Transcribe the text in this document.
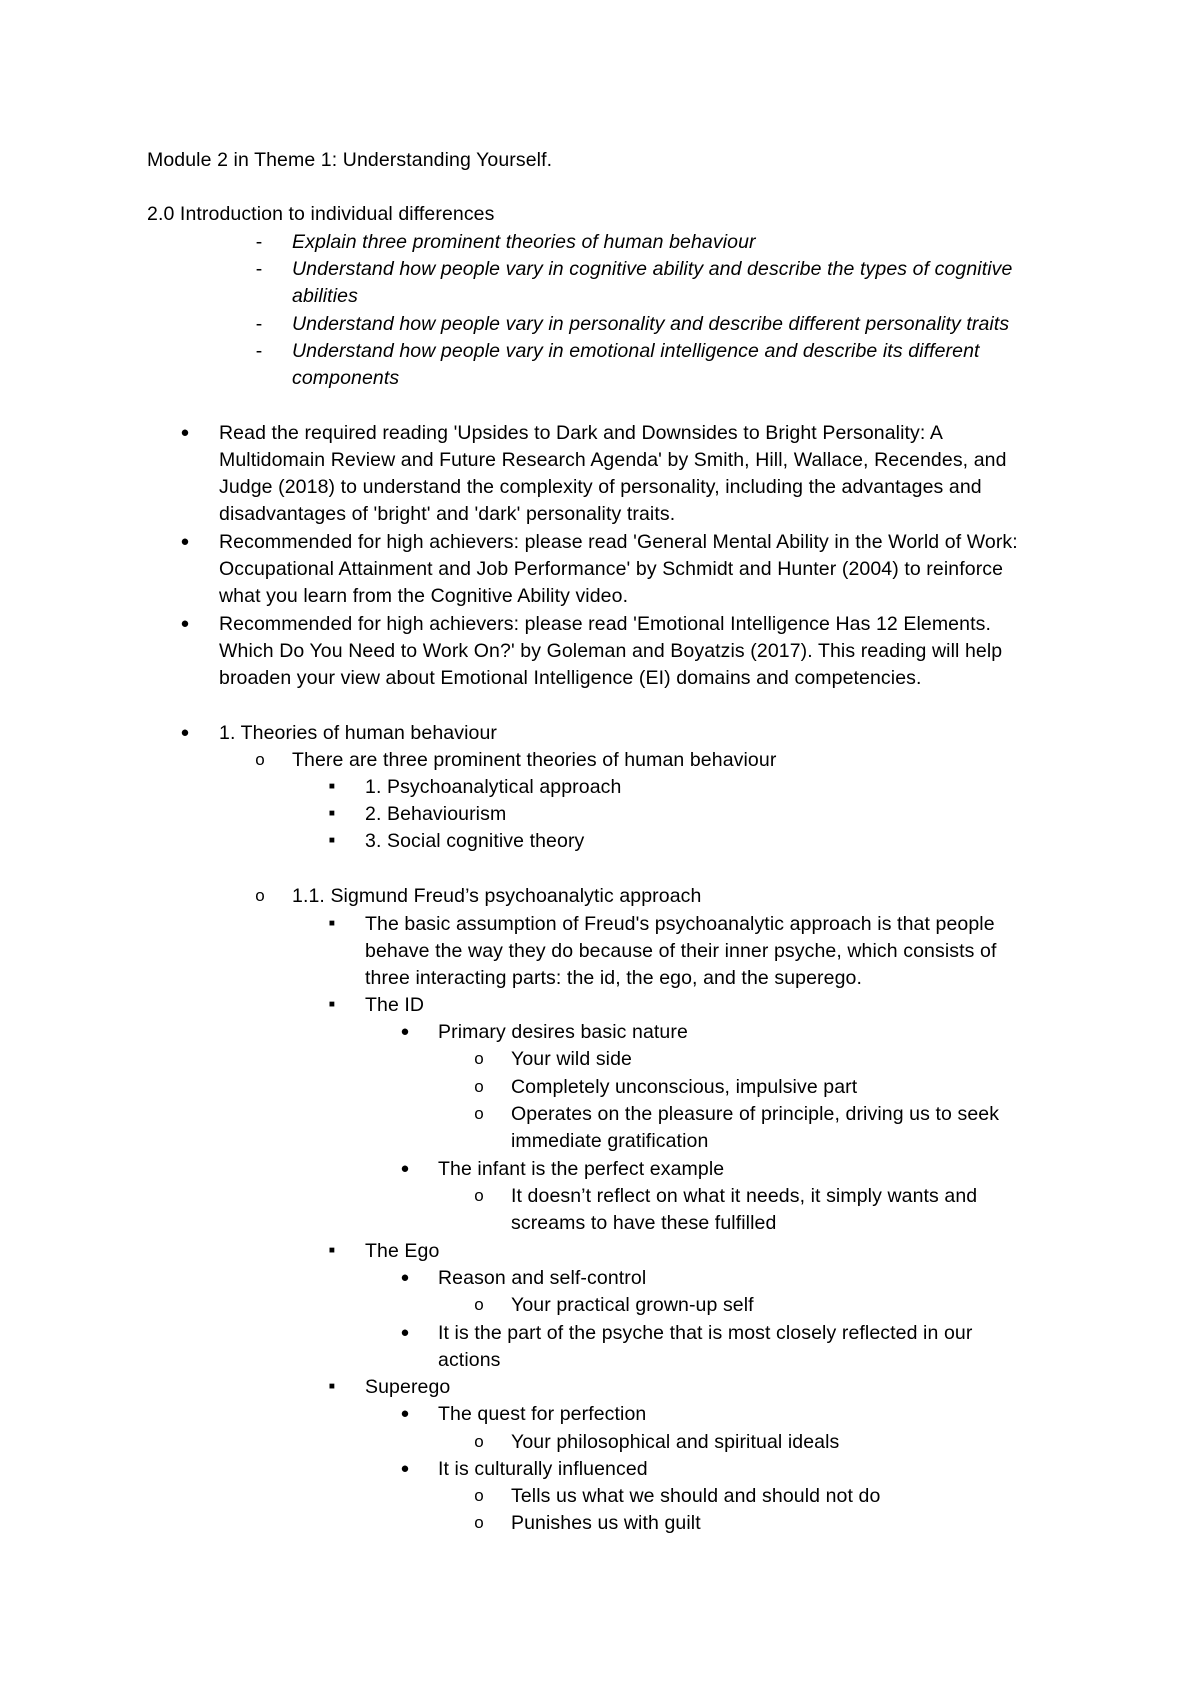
Module 2 in Theme 1: Understanding Yourself.
2.0 Introduction to individual differences
-	Explain three prominent theories of human behaviour
-	Understand how people vary in cognitive ability and describe the types of cognitive
abilities
-	Understand how people vary in personality and describe different personality traits
-	Understand how people vary in emotional intelligence and describe its different
components
● Read the required reading 'Upsides to Dark and Downsides to Bright Personality: A
Multidomain Review and Future Research Agenda' by Smith, Hill, Wallace, Recendes, and
Judge (2018) to understand the complexity of personality, including the advantages and
disadvantages of 'bright' and 'dark' personality traits.
● Recommended for high achievers: please read 'General Mental Ability in the World of Work:
Occupational Attainment and Job Performance' by Schmidt and Hunter (2004) to reinforce
what you learn from the Cognitive Ability video.
● Recommended for high achievers: please read 'Emotional Intelligence Has 12 Elements.
Which Do You Need to Work On?' by Goleman and Boyatzis (2017). This reading will help
broaden your view about Emotional Intelligence (EI) domains and competencies.
● 1. Theories of human behaviour
o There are three prominent theories of human behaviour
■	1. Psychoanalytical approach
■	2. Behaviourism
■	3. Social cognitive theory
o 1.1. Sigmund Freud’s psychoanalytic approach
■	The basic assumption of Freud's psychoanalytic approach is that people
behave the way they do because of their inner psyche, which consists of
three interacting parts: the id, the ego, and the superego.
■	The ID
● Primary desires basic nature
o Your wild side
o Completely unconscious, impulsive part
o Operates on the pleasure of principle, driving us to seek
immediate gratification
● The infant is the perfect example
o It doesn’t reflect on what it needs, it simply wants and
screams to have these fulfilled
■	The Ego
● Reason and self-control
o Your practical grown-up self
● It is the part of the psyche that is most closely reflected in our
actions
■	Superego
● The quest for perfection
o Your philosophical and spiritual ideals
● It is culturally influenced
o Tells us what we should and should not do
o Punishes us with guilt
